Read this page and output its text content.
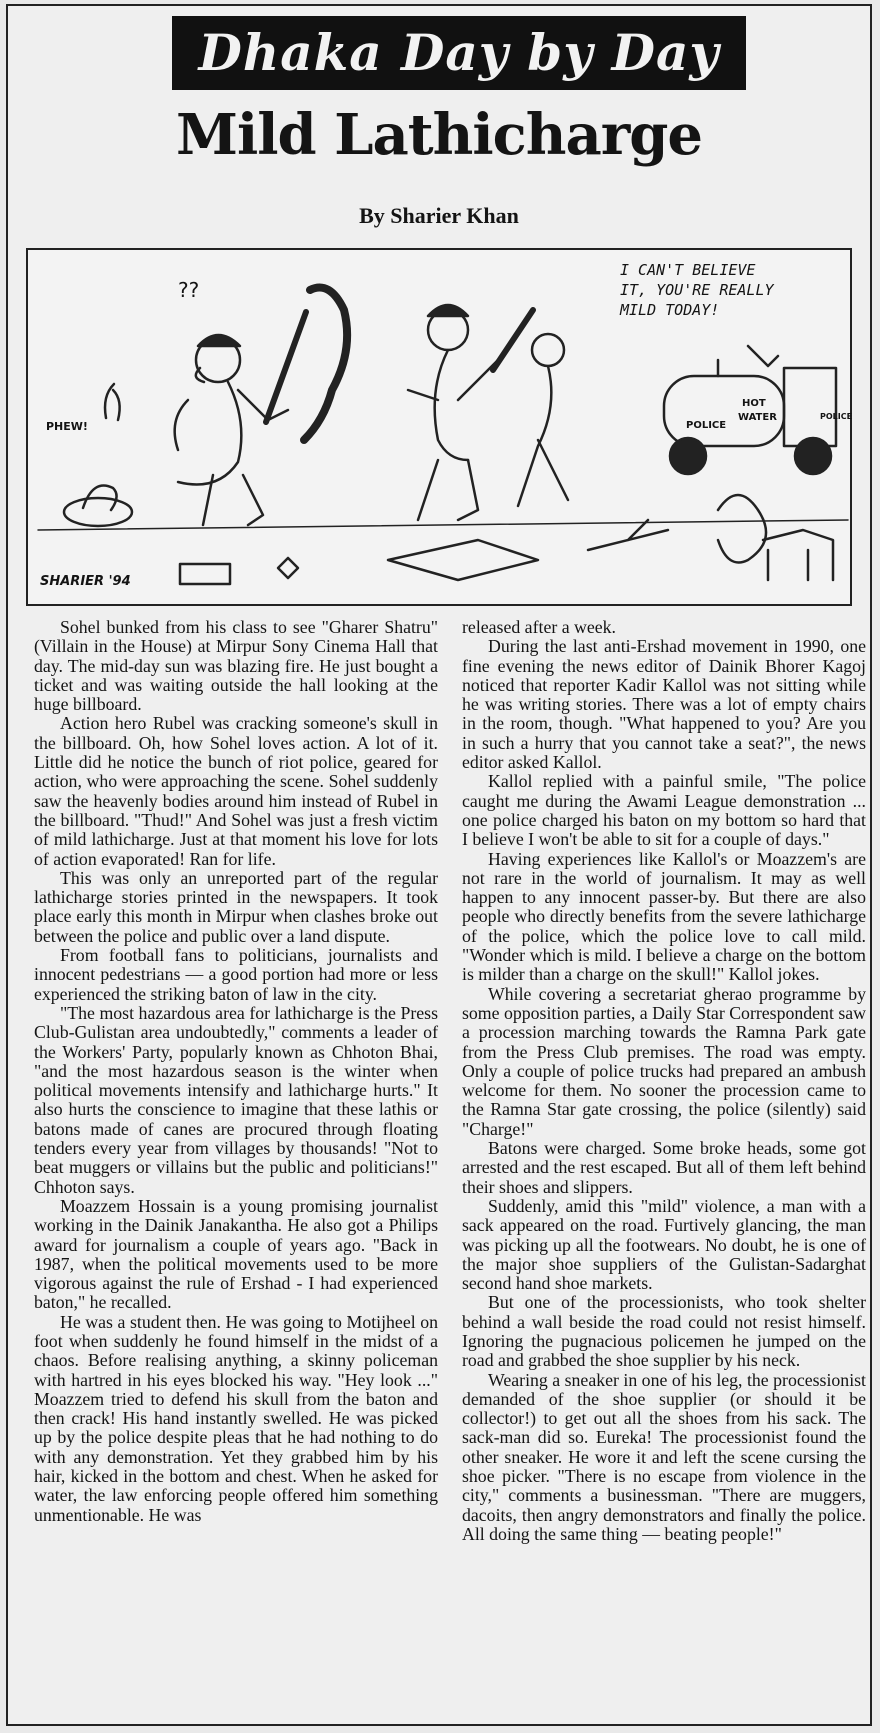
Dhaka Day by Day
Mild Lathicharge
By Sharier Khan
I CAN'T BELIEVE
IT, YOU'RE REALLY
MILD TODAY!
POLICE
HOT
WATER	POLICE
??
PHEW!
SHARIER '94

Sohel bunked from his class to see "Gharer Shatru" (Villain in the House) at Mirpur Sony Cinema Hall that day. The mid-day sun was blazing fire. He just bought a ticket and was waiting outside the hall looking at the huge billboard.

Action hero Rubel was cracking someone's skull in the billboard. Oh, how Sohel loves action. A lot of it. Little did he notice the bunch of riot police, geared for action, who were approaching the scene. Sohel suddenly saw the heavenly bodies around him instead of Rubel in the billboard. "Thud!" And Sohel was just a fresh victim of mild lathicharge. Just at that moment his love for lots of action evaporated! Ran for life.

This was only an unreported part of the regular lathicharge stories printed in the newspapers. It took place early this month in Mirpur when clashes broke out between the police and public over a land dispute.

From football fans to politicians, journalists and innocent pedestrians — a good portion had more or less experienced the striking baton of law in the city.

"The most hazardous area for lathicharge is the Press Club-Gulistan area undoubtedly," comments a leader of the Workers' Party, popularly known as Chhoton Bhai, "and the most hazardous season is the winter when political movements intensify and lathicharge hurts." It also hurts the conscience to imagine that these lathis or batons made of canes are procured through floating tenders every year from villages by thousands! "Not to beat muggers or villains but the public and politicians!" Chhoton says.

Moazzem Hossain is a young promising journalist working in the Dainik Janakantha. He also got a Philips award for journalism a couple of years ago. "Back in 1987, when the political movements used to be more vigorous against the rule of Ershad - I had experienced baton," he recalled.

He was a student then. He was going to Motijheel on foot when suddenly he found himself in the midst of a chaos. Before realising anything, a skinny policeman with hartred in his eyes blocked his way. "Hey look ..." Moazzem tried to defend his skull from the baton and then crack! His hand instantly swelled. He was picked up by the police despite pleas that he had nothing to do with any demonstration. Yet they grabbed him by his hair, kicked in the bottom and chest. When he asked for water, the law enforcing people offered him something unmentionable. He was

released after a week.

During the last anti-Ershad movement in 1990, one fine evening the news editor of Dainik Bhorer Kagoj noticed that reporter Kadir Kallol was not sitting while he was writing stories. There was a lot of empty chairs in the room, though. "What happened to you? Are you in such a hurry that you cannot take a seat?", the news editor asked Kallol.

Kallol replied with a painful smile, "The police caught me during the Awami League demonstration ... one police charged his baton on my bottom so hard that I believe I won't be able to sit for a couple of days."

Having experiences like Kallol's or Moazzem's are not rare in the world of journalism. It may as well happen to any innocent passer-by. But there are also people who directly benefits from the severe lathicharge of the police, which the police love to call mild. "Wonder which is mild. I believe a charge on the bottom is milder than a charge on the skull!" Kallol jokes.

While covering a secretariat gherao programme by some opposition parties, a Daily Star Correspondent saw a procession marching towards the Ramna Park gate from the Press Club premises. The road was empty. Only a couple of police trucks had prepared an ambush welcome for them. No sooner the procession came to the Ramna Star gate crossing, the police (silently) said "Charge!"

Batons were charged. Some broke heads, some got arrested and the rest escaped. But all of them left behind their shoes and slippers.

Suddenly, amid this "mild" violence, a man with a sack appeared on the road. Furtively glancing, the man was picking up all the footwears. No doubt, he is one of the major shoe suppliers of the Gulistan-Sadarghat second hand shoe markets.

But one of the processionists, who took shelter behind a wall beside the road could not resist himself. Ignoring the pugnacious policemen he jumped on the road and grabbed the shoe supplier by his neck.

Wearing a sneaker in one of his leg, the processionist demanded of the shoe supplier (or should it be collector!) to get out all the shoes from his sack. The sack-man did so. Eureka! The processionist found the other sneaker. He wore it and left the scene cursing the shoe picker. "There is no escape from violence in the city," comments a businessman. "There are muggers, dacoits, then angry demonstrators and finally the police. All doing the same thing — beating people!"
